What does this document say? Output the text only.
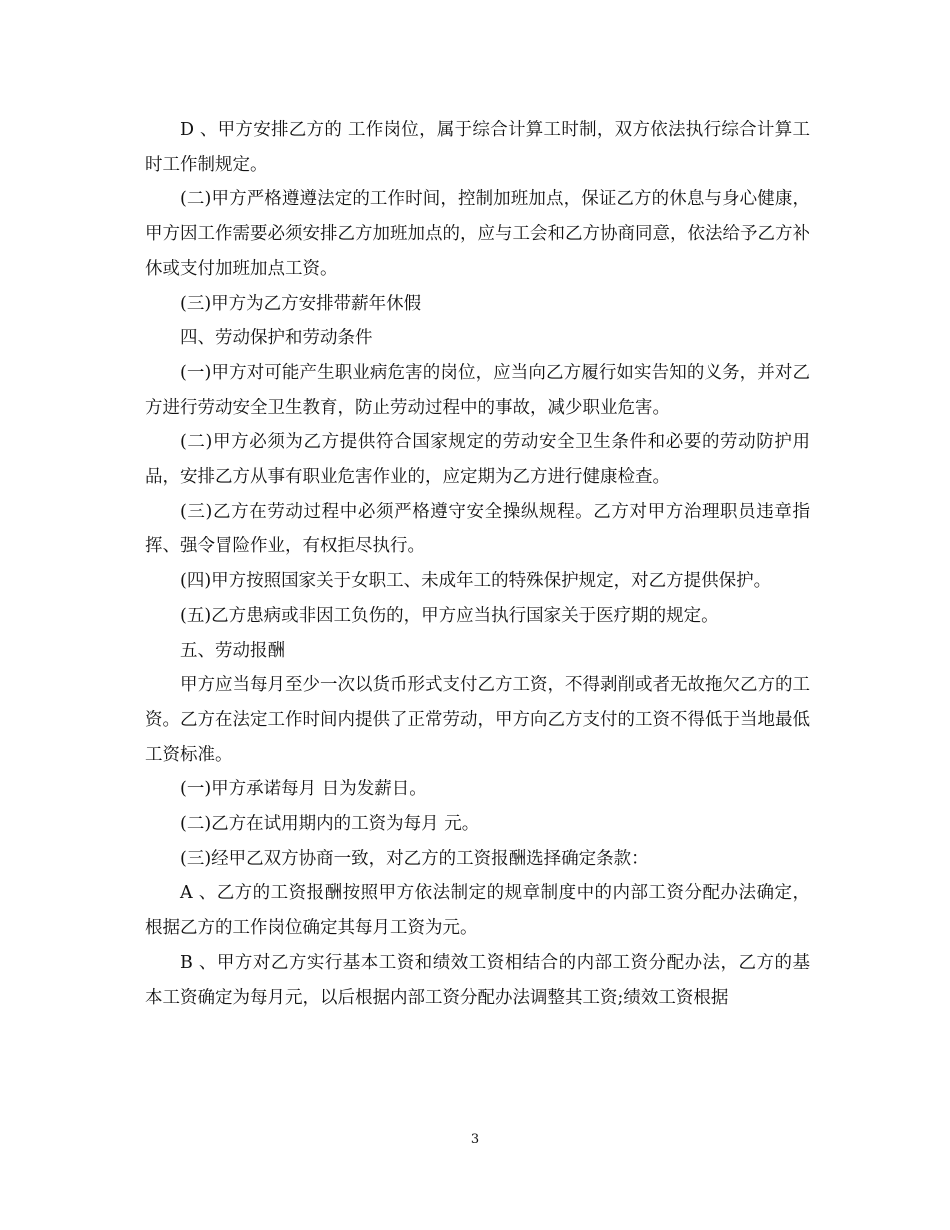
D 、甲方安排乙方的 工作岗位，属于综合计算工时制，双方依法执行综合计算工时工作制规定。

(二)甲方严格遵遵法定的工作时间，控制加班加点，保证乙方的休息与身心健康，甲方因工作需要必须安排乙方加班加点的，应与工会和乙方协商同意，依法给予乙方补休或支付加班加点工资。

(三)甲方为乙方安排带薪年休假

四、劳动保护和劳动条件

(一)甲方对可能产生职业病危害的岗位，应当向乙方履行如实告知的义务，并对乙方进行劳动安全卫生教育，防止劳动过程中的事故，减少职业危害。

(二)甲方必须为乙方提供符合国家规定的劳动安全卫生条件和必要的劳动防护用品，安排乙方从事有职业危害作业的，应定期为乙方进行健康检查。

(三)乙方在劳动过程中必须严格遵守安全操纵规程。乙方对甲方治理职员违章指挥、强令冒险作业，有权拒尽执行。

(四)甲方按照国家关于女职工、未成年工的特殊保护规定，对乙方提供保护。

(五)乙方患病或非因工负伤的，甲方应当执行国家关于医疗期的规定。

五、劳动报酬

甲方应当每月至少一次以货币形式支付乙方工资，不得剥削或者无故拖欠乙方的工资。乙方在法定工作时间内提供了正常劳动，甲方向乙方支付的工资不得低于当地最低工资标准。

(一)甲方承诺每月 日为发薪日。

(二)乙方在试用期内的工资为每月 元。

(三)经甲乙双方协商一致，对乙方的工资报酬选择确定条款：

A 、乙方的工资报酬按照甲方依法制定的规章制度中的内部工资分配办法确定，根据乙方的工作岗位确定其每月工资为元。

B 、甲方对乙方实行基本工资和绩效工资相结合的内部工资分配办法，乙方的基本工资确定为每月元，以后根据内部工资分配办法调整其工资;绩效工资根据

3
